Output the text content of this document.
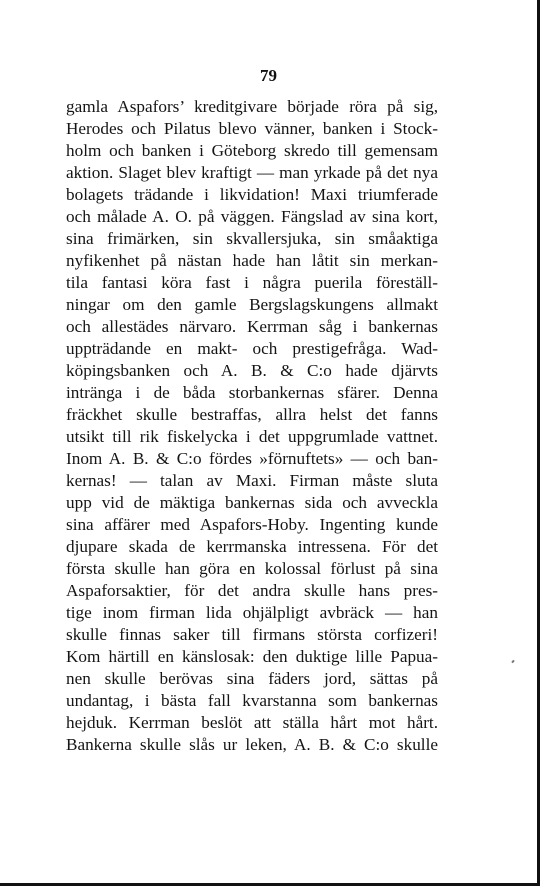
79
gamla Aspafors’ kreditgivare började röra på sig,
Herodes och Pilatus blevo vänner, banken i Stock-
holm och banken i Göteborg skredo till gemensam
aktion. Slaget blev kraftigt — man yrkade på det nya
bolagets trädande i likvidation! Maxi triumferade
och målade A. O. på väggen. Fängslad av sina kort,
sina frimärken, sin skvallersjuka, sin småaktiga
nyfikenhet på nästan hade han låtit sin merkan-
tila fantasi köra fast i några puerila föreställ-
ningar om den gamle Bergslagskungens allmakt
och allestädes närvaro. Kerrman såg i bankernas
uppträdande en makt- och prestigefråga. Wad-
köpingsbanken och A. B. & C:o hade djärvts
inträngа i de båda storbankernas sfärer. Denna
fräckhet skulle bestraffas, allra helst det fanns
utsikt till rik fiskelycka i det uppgrumlade vattnet.
Inom A. B. & C:o fördes »förnuftets» — och ban-
kernas! — talan av Maxi. Firman måste sluta
upp vid de mäktiga bankernas sida och avveckla
sina affärer med Aspafors-Hoby. Ingenting kunde
djupare skada de kerrmanska intressena. För det
första skulle han göra en kolossal förlust på sina
Aspaforsaktier, för det andra skulle hans pres-
tige inom firman lida ohjälpligt avbräck — han
skulle finnas saker till firmans största corfizeri!
Kom härtill en känslosak: den duktige lille Papua-
nen skulle berövas sina fäders jord, sättas på
undantag, i bästa fall kvarstanna som bankernas
hejduk. Kerrman beslöt att ställa hårt mot hårt.
Bankerna skulle slås ur leken, A. B. & C:o skulle
